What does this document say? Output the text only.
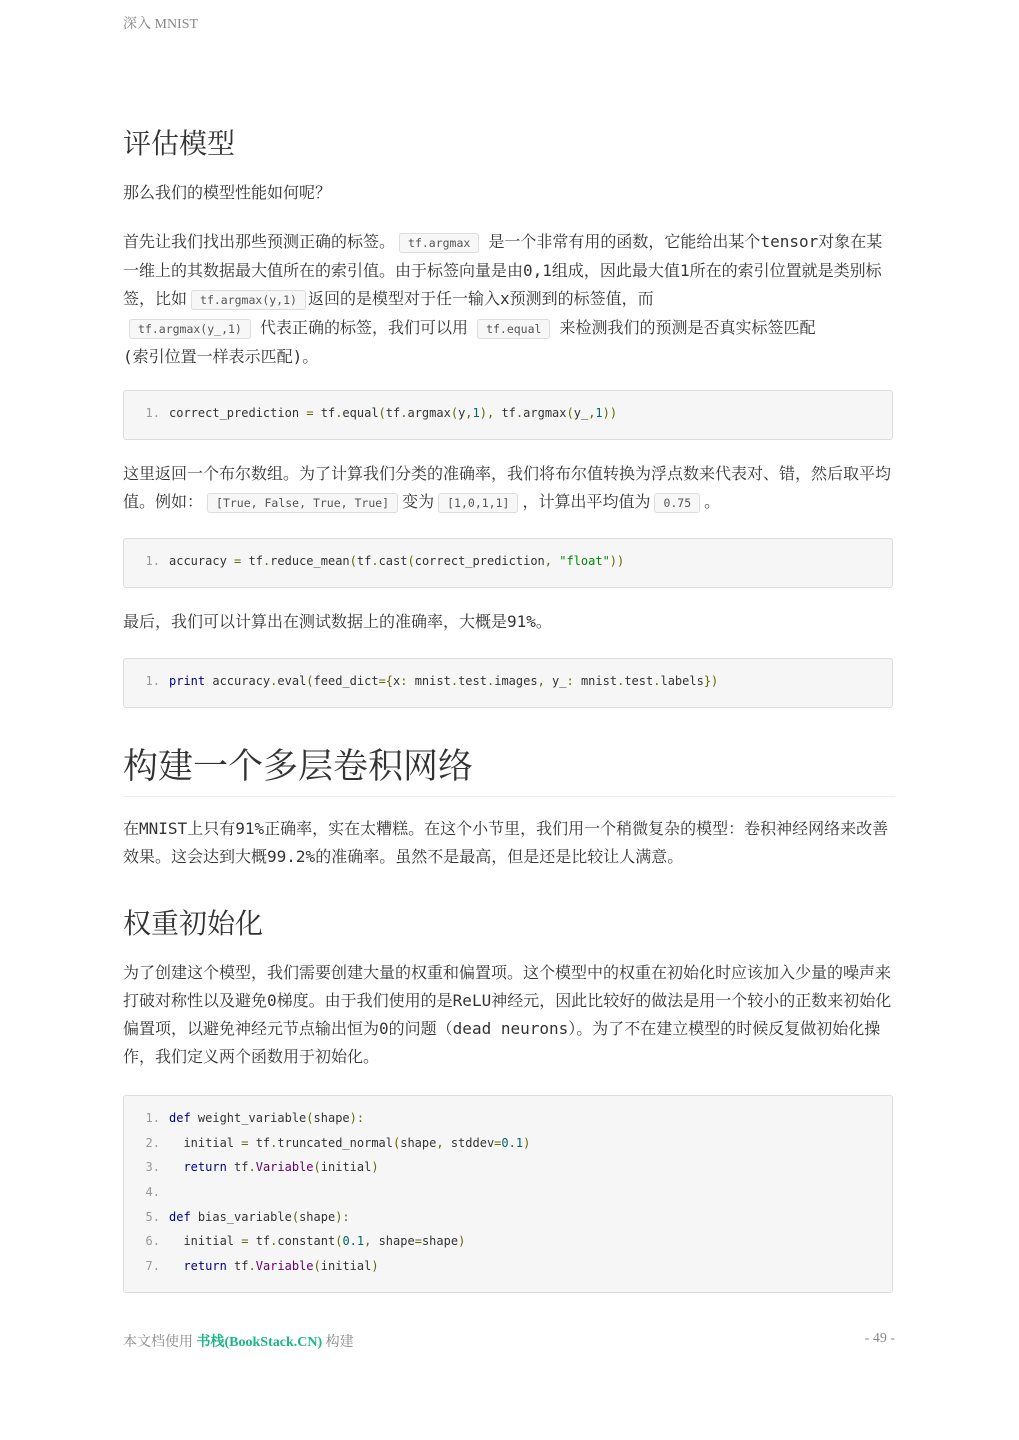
深入 MNIST
评估模型

那么我们的模型性能如何呢？

首先让我们找出那些预测正确的标签。 tf.argmax 是一个非常有用的函数，它能给出某个tensor对象在某一维上的其数据最大值所在的索引值。由于标签向量是由0,1组成，因此最大值1所在的索引位置就是类别标签，比如 tf.argmax(y,1) 返回的是模型对于任一输入x预测到的标签值，而
tf.argmax(y_,1) 代表正确的标签，我们可以用 tf.equal 来检测我们的预测是否真实标签匹配
(索引位置一样表示匹配)。

1. correct_prediction = tf.equal(tf.argmax(y,1), tf.argmax(y_,1))

这里返回一个布尔数组。为了计算我们分类的准确率，我们将布尔值转换为浮点数来代表对、错，然后取平均值。例如： [True, False, True, True] 变为 [1,0,1,1] ，计算出平均值为 0.75 。

1. accuracy = tf.reduce_mean(tf.cast(correct_prediction, "float"))

最后，我们可以计算出在测试数据上的准确率，大概是91%。

1. print accuracy.eval(feed_dict={x: mnist.test.images, y_: mnist.test.labels})
构建一个多层卷积网络

在MNIST上只有91%正确率，实在太糟糕。在这个小节里，我们用一个稍微复杂的模型：卷积神经网络来改善效果。这会达到大概99.2%的准确率。虽然不是最高，但是还是比较让人满意。

权重初始化

为了创建这个模型，我们需要创建大量的权重和偏置项。这个模型中的权重在初始化时应该加入少量的噪声来打破对称性以及避免0梯度。由于我们使用的是ReLU神经元，因此比较好的做法是用一个较小的正数来初始化偏置项，以避免神经元节点输出恒为0的问题（dead neurons）。为了不在建立模型的时候反复做初始化操作，我们定义两个函数用于初始化。

1. def weight_variable(shape):
2.  initial = tf.truncated_normal(shape, stddev=0.1)
3. return tf.Variable(initial)
4.
5. def bias_variable(shape):
6.  initial = tf.constant(0.1, shape=shape)
7. return tf.Variable(initial)
本文档使用 书栈(BookStack.CN) 构建	- 49 -
